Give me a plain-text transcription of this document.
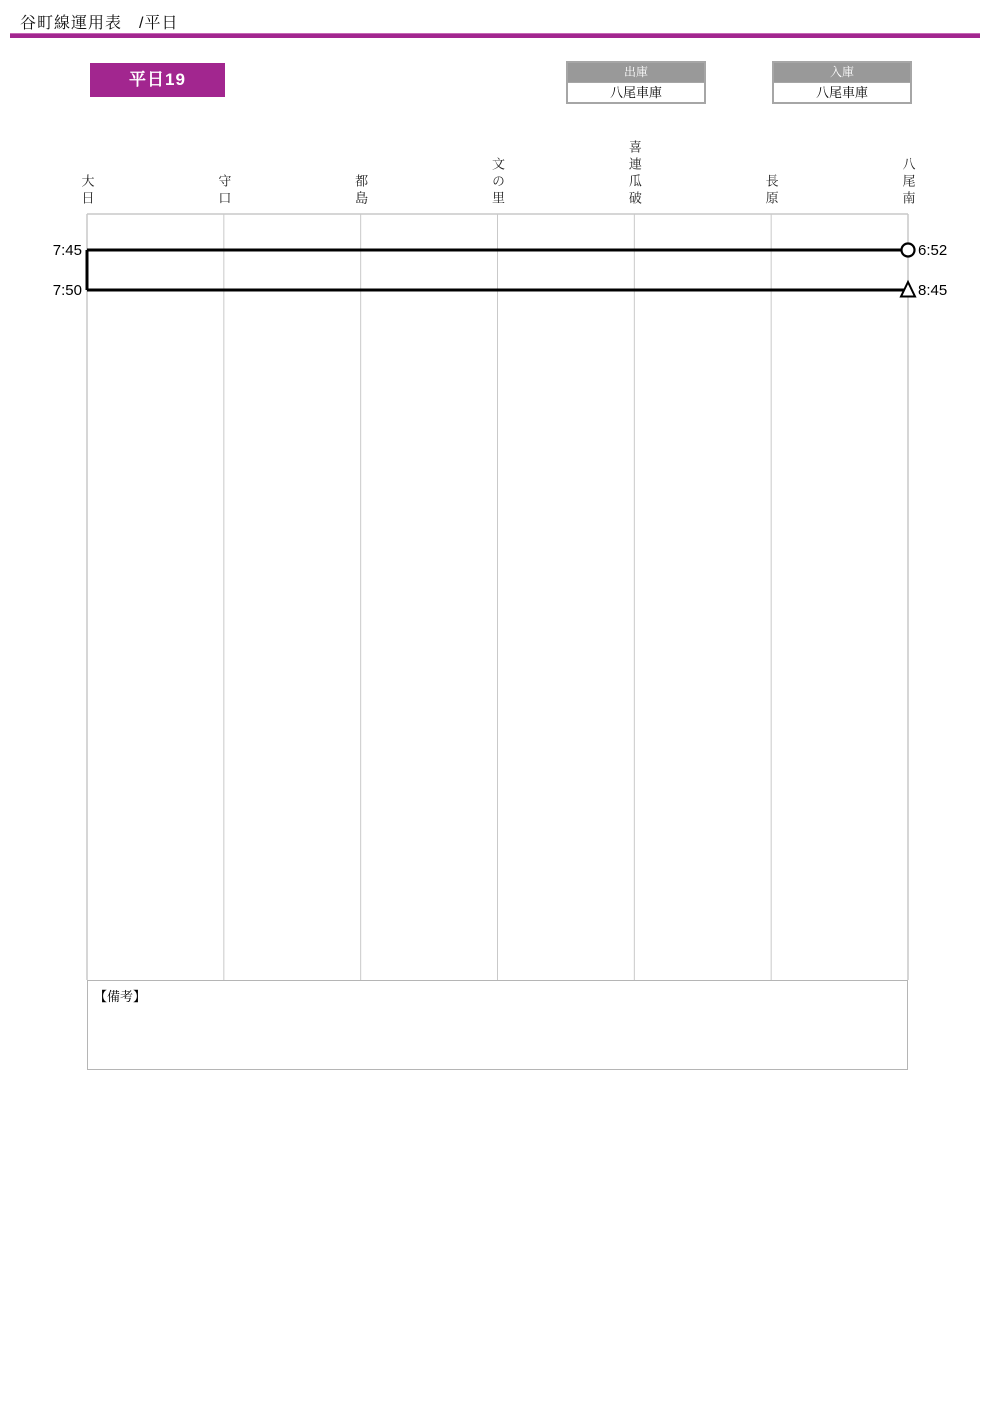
谷町線運用表　/平日
平日19	出庫
八尾車庫
入庫
八尾車庫
大日	守口	都島	文の里	喜連瓜破	長原	八尾南
6:52
7:45
7:50	8:45
【備考】
